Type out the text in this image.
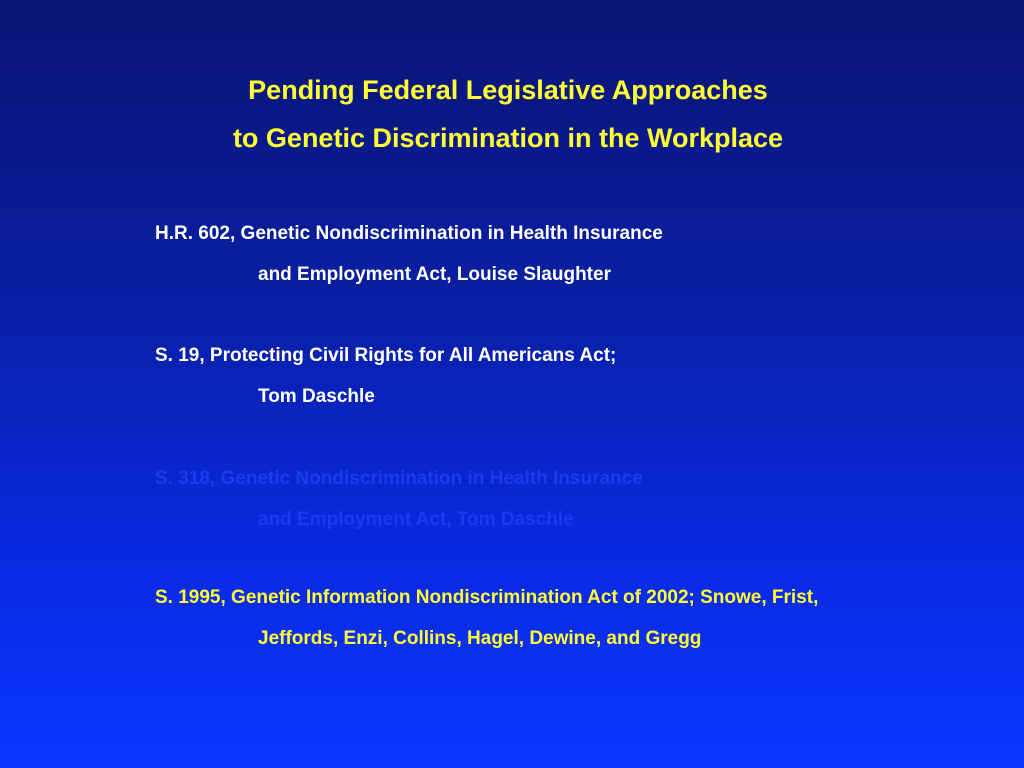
Pending Federal Legislative Approaches
to Genetic Discrimination in the Workplace
H.R. 602, Genetic Nondiscrimination in Health Insurance
and Employment Act, Louise Slaughter
S. 19, Protecting Civil Rights for All Americans Act;
Tom Daschle
S. 318, Genetic Nondiscrimination in Health Insurance
and Employment Act, Tom Daschle
S. 1995, Genetic Information Nondiscrimination Act of 2002; Snowe, Frist,
Jeffords, Enzi, Collins, Hagel, Dewine, and Gregg
